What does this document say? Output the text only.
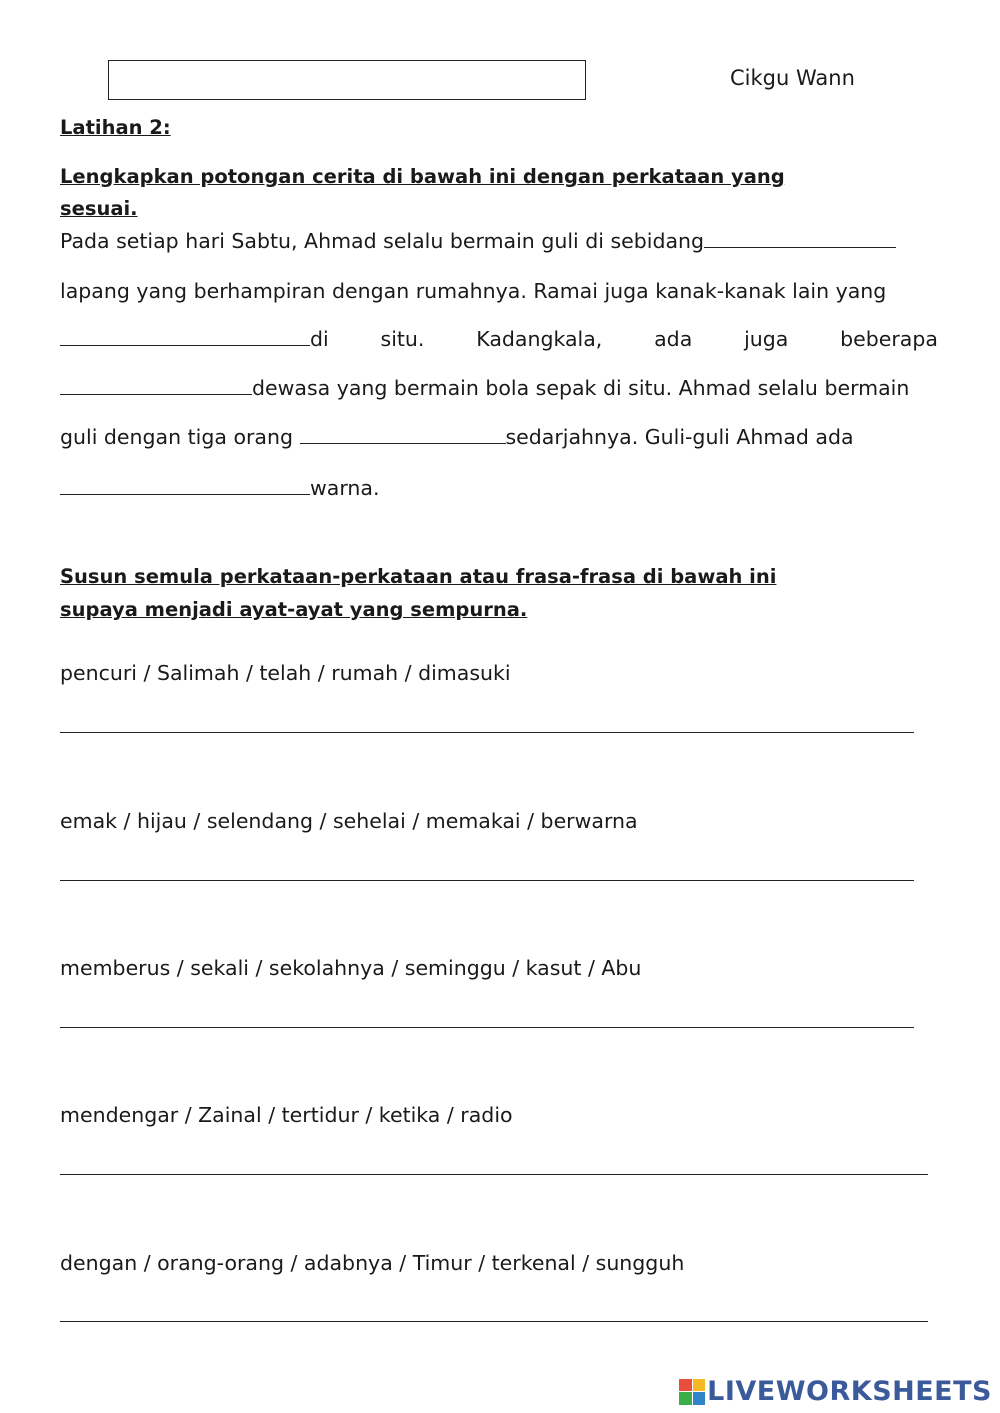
Cikgu Wann
Latihan 2:
Lengkapkan potongan cerita di bawah ini dengan perkataan yang
sesuai.
Pada setiap hari Sabtu, Ahmad selalu bermain guli di sebidang
lapang yang berhampiran dengan rumahnya. Ramai juga kanak-kanak lain yang
di	situ.	Kadangkala,	ada	juga	beberapa
dewasa yang bermain bola sepak di situ. Ahmad selalu bermain
guli dengan tiga orang	sedarjahnya. Guli-guli Ahmad ada
warna.
Susun semula perkataan-perkataan atau frasa-frasa di bawah ini
supaya menjadi ayat-ayat yang sempurna.
pencuri / Salimah / telah / rumah / dimasuki
emak / hijau / selendang / sehelai / memakai / berwarna
memberus / sekali / sekolahnya / seminggu / kasut / Abu
mendengar / Zainal / tertidur / ketika / radio
dengan / orang-orang / adabnya / Timur / terkenal / sungguh
LIVEWORKSHEETS
